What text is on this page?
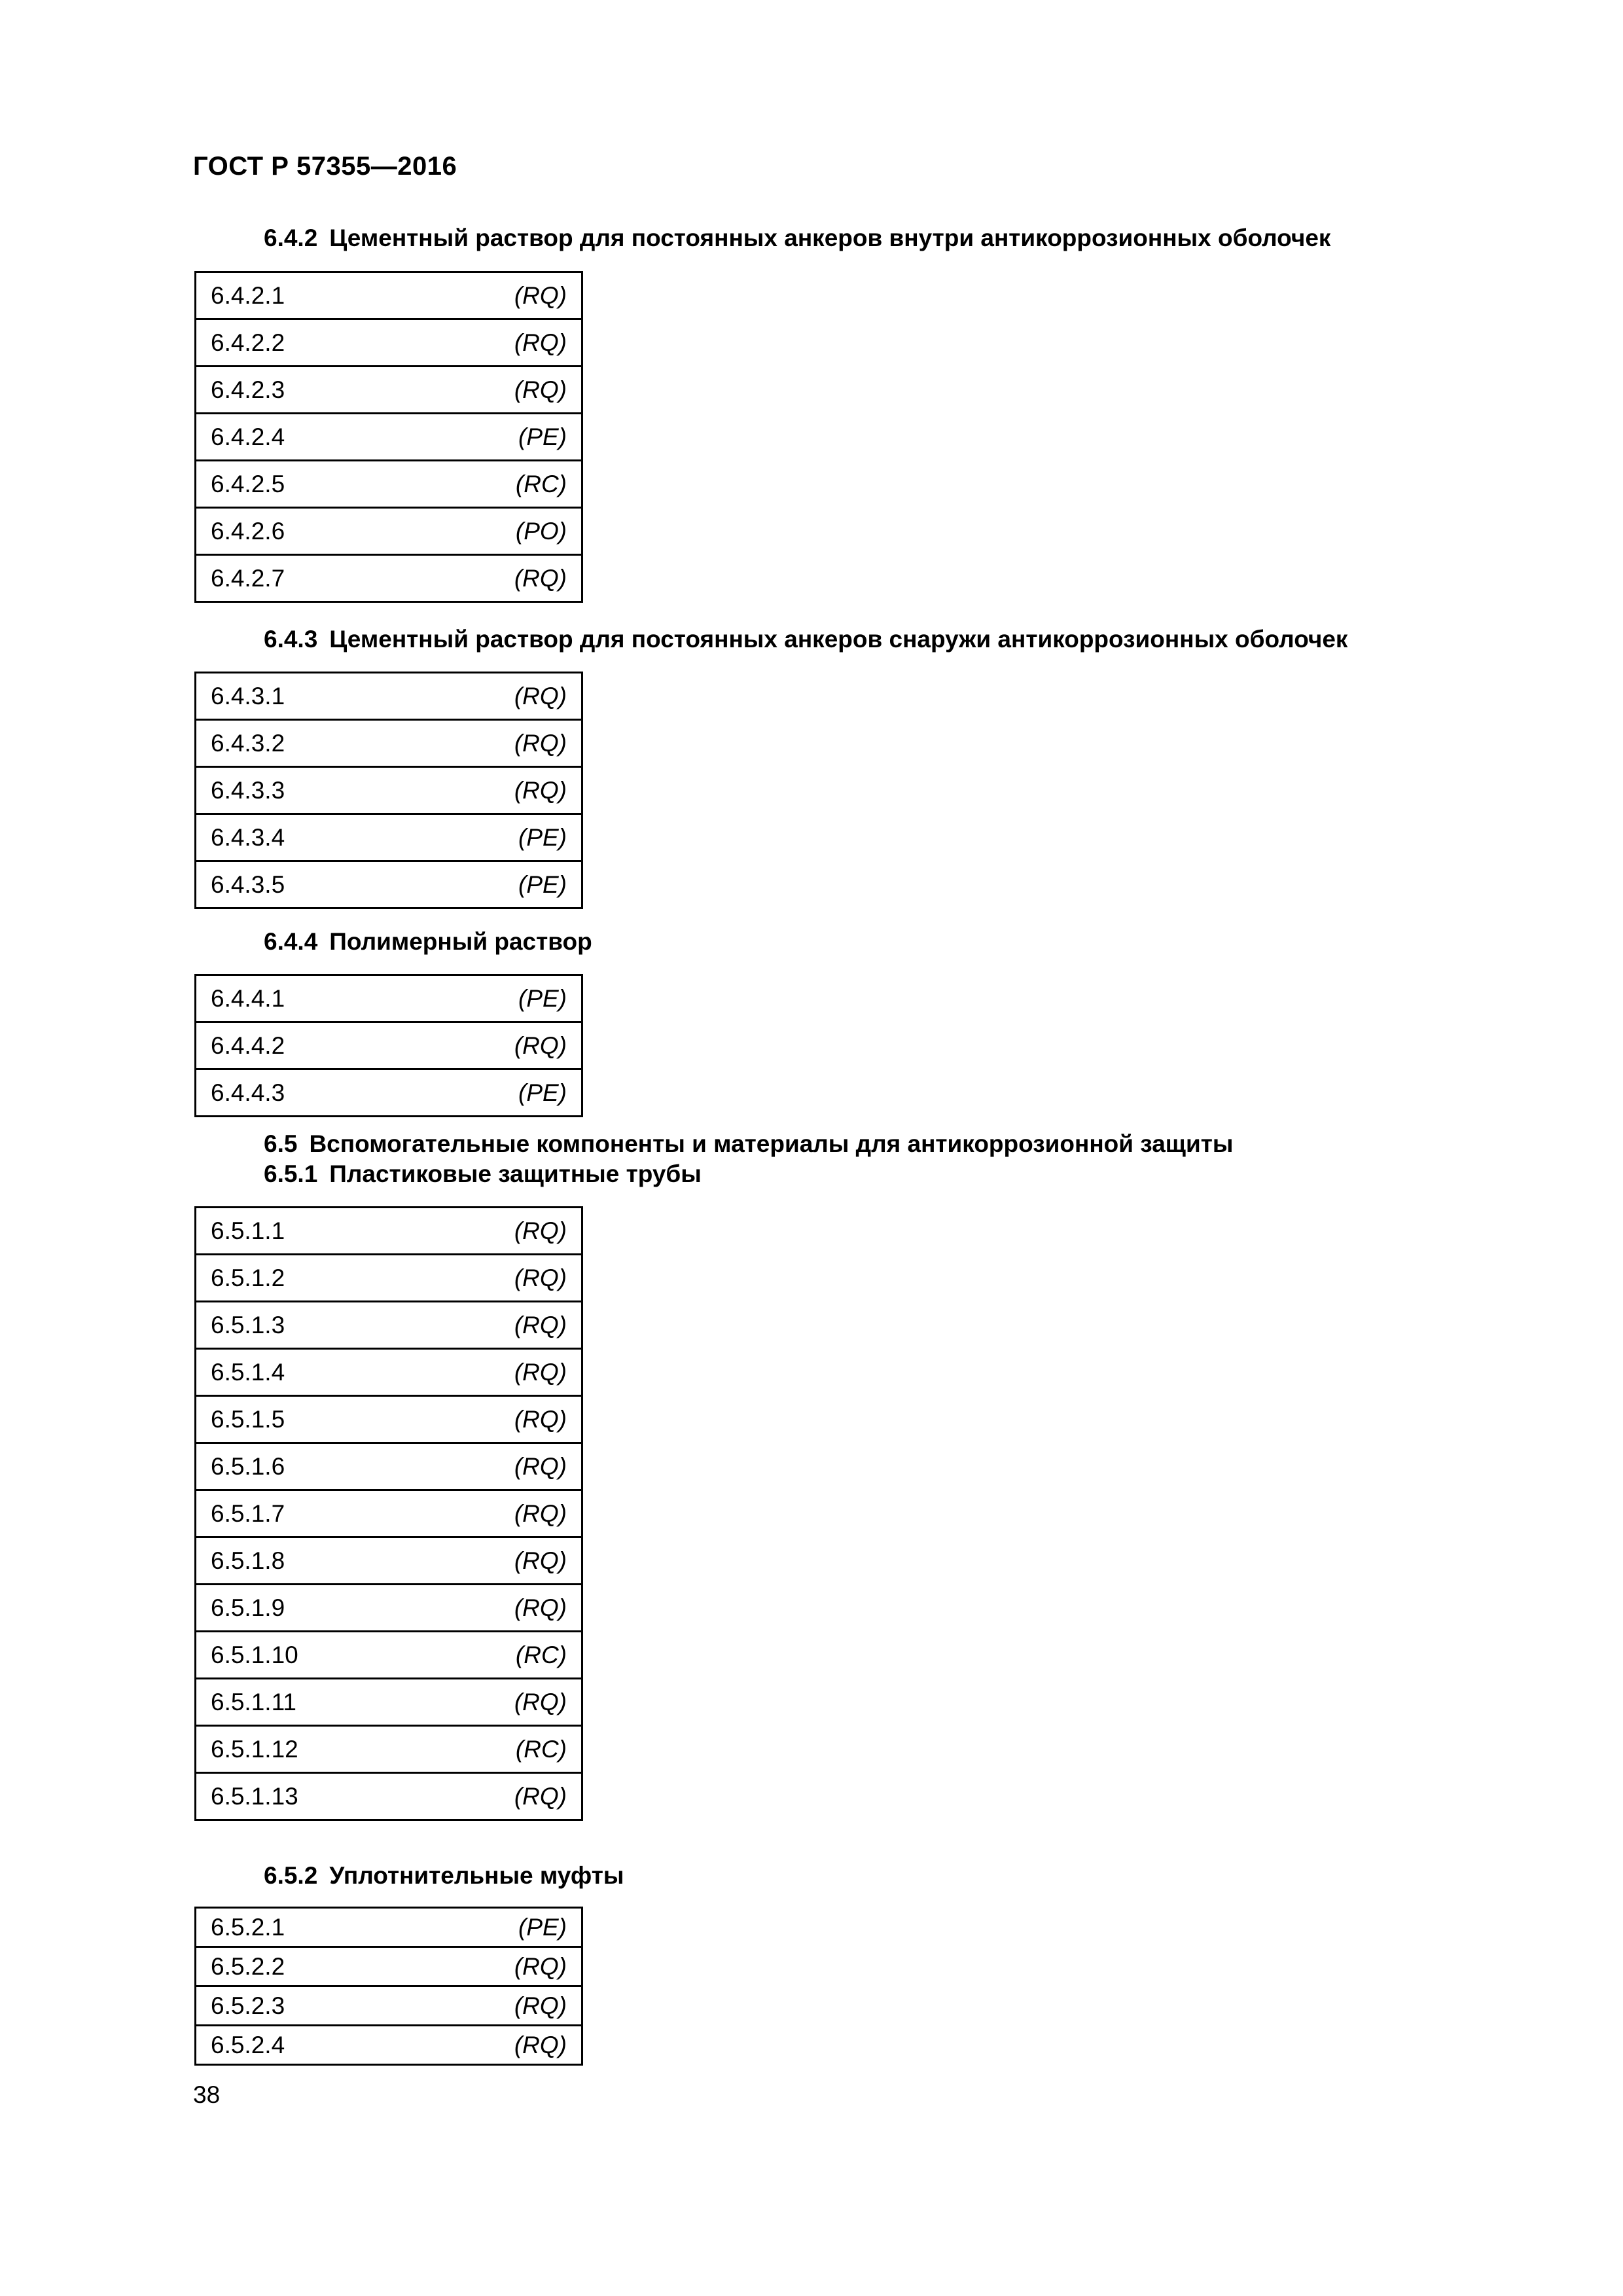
ГОСТ Р 57355—2016

6.4.2 Цементный раствор для постоянных анкеров внутри антикоррозионных оболочек

6.4.2.1	(RQ)
6.4.2.2	(RQ)
6.4.2.3	(RQ)
6.4.2.4	(PE)
6.4.2.5	(RC)
6.4.2.6	(PO)
6.4.2.7	(RQ)

6.4.3 Цементный раствор для постоянных анкеров снаружи антикоррозионных оболочек

6.4.3.1	(RQ)
6.4.3.2	(RQ)
6.4.3.3	(RQ)
6.4.3.4	(PE)
6.4.3.5	(PE)

6.4.4 Полимерный раствор

6.4.4.1	(PE)
6.4.4.2	(RQ)
6.4.4.3	(PE)

6.5 Вспомогательные компоненты и материалы для антикоррозионной защиты

6.5.1 Пластиковые защитные трубы

6.5.1.1	(RQ)
6.5.1.2	(RQ)
6.5.1.3	(RQ)
6.5.1.4	(RQ)
6.5.1.5	(RQ)
6.5.1.6	(RQ)
6.5.1.7	(RQ)
6.5.1.8	(RQ)
6.5.1.9	(RQ)
6.5.1.10	(RC)
6.5.1.11	(RQ)
6.5.1.12	(RC)
6.5.1.13	(RQ)

6.5.2 Уплотнительные муфты

6.5.2.1	(PE)
6.5.2.2	(RQ)
6.5.2.3	(RQ)
6.5.2.4	(RQ)

38
